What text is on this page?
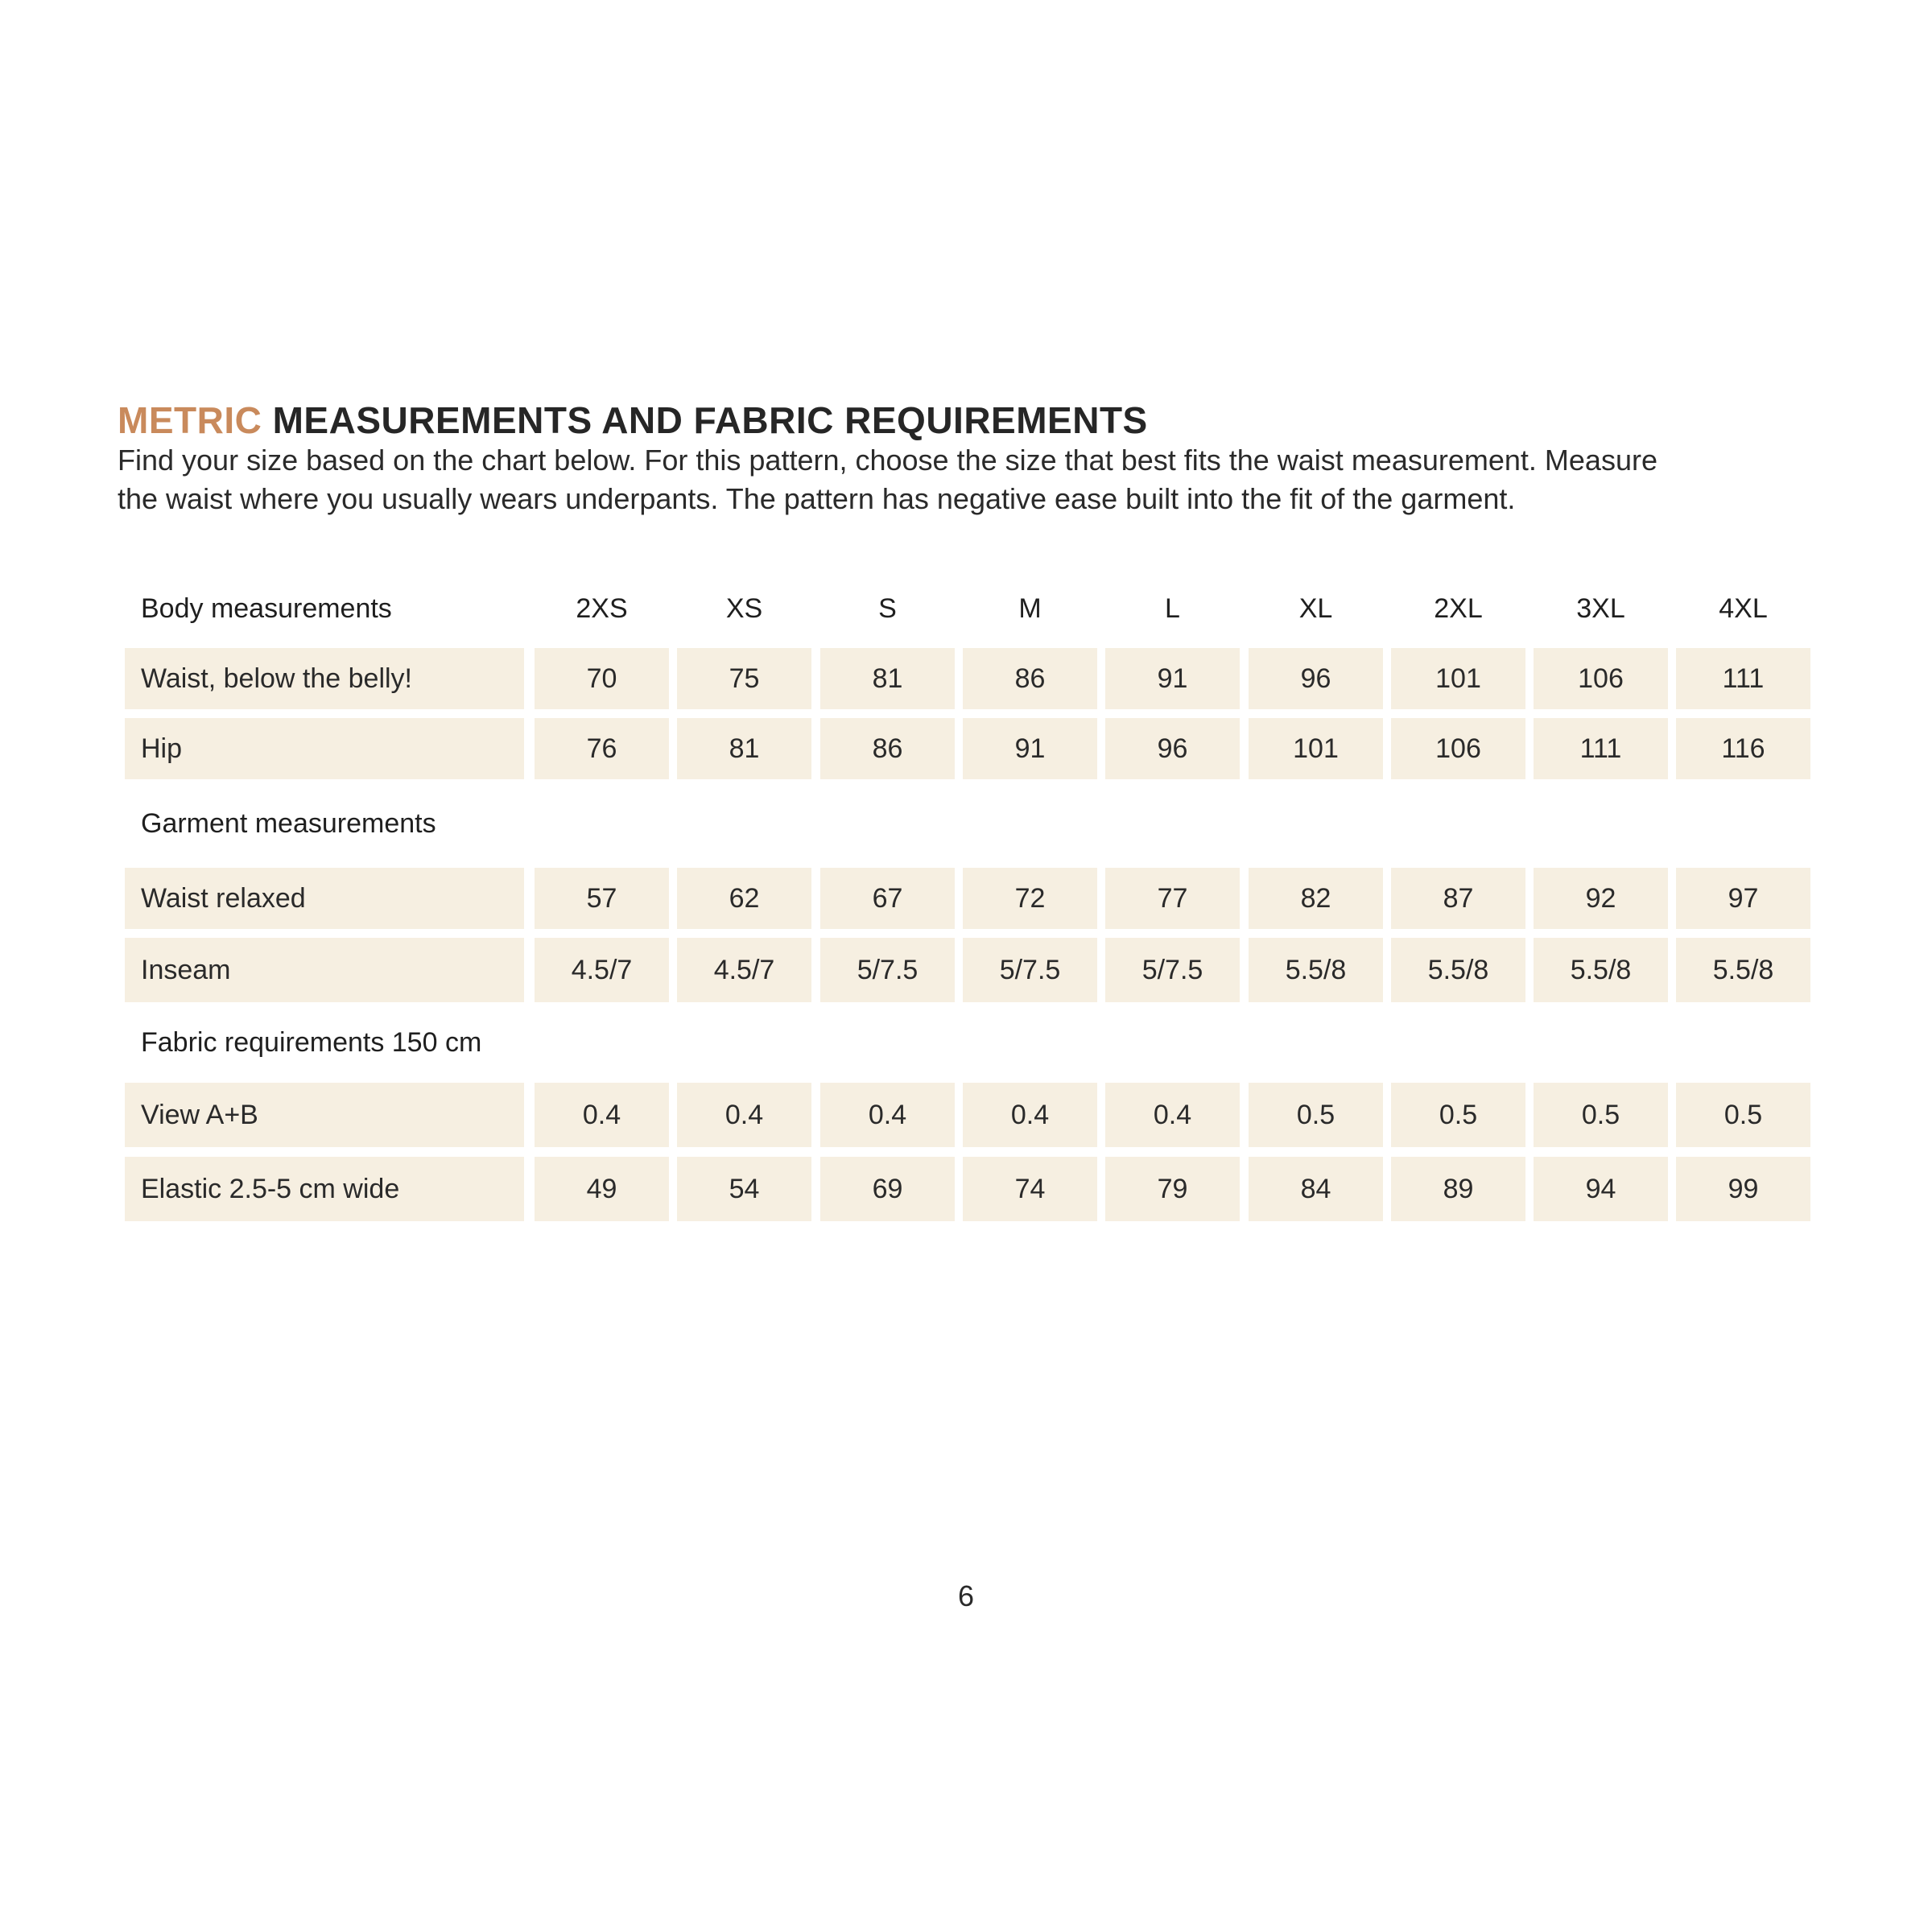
METRIC MEASUREMENTS AND FABRIC REQUIREMENTS

Find your size based on the chart below. For this pattern, choose the size that best fits the waist measurement. Measure

the waist where you usually wears underpants. The pattern has negative ease built into the fit of the garment.

Body measurements	2XS	XS	S	M	L	XL	2XL	3XL	4XL
Waist, below the belly!	70	75	81	86	91	96	101	106	111
Hip	76	81	86	91	96	101	106	111	116
Garment measurements
Waist relaxed	57	62	67	72	77	82	87	92	97
Inseam	4.5/7	4.5/7	5/7.5	5/7.5	5/7.5	5.5/8	5.5/8	5.5/8	5.5/8
Fabric requirements 150 cm
View A+B	0.4	0.4	0.4	0.4	0.4	0.5	0.5	0.5	0.5
Elastic 2.5-5 cm wide	49	54	69	74	79	84	89	94	99
6
